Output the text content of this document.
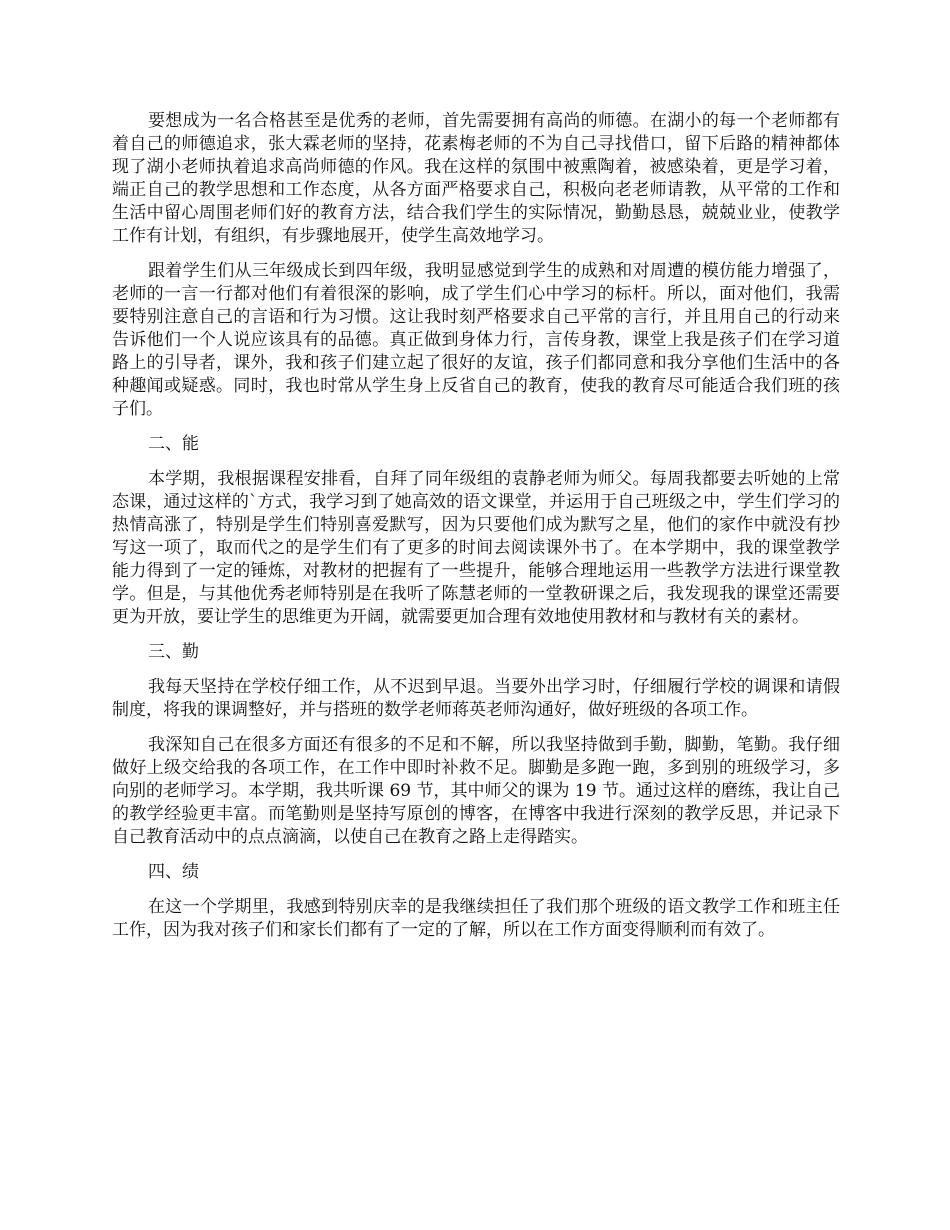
要想成为一名合格甚至是优秀的老师，首先需要拥有高尚的师德。在湖小的每一个老师都有着自己的师德追求，张大霖老师的坚持，花素梅老师的不为自己寻找借口，留下后路的精神都体现了湖小老师执着追求高尚师德的作风。我在这样的氛围中被熏陶着，被感染着，更是学习着，端正自己的教学思想和工作态度，从各方面严格要求自己，积极向老老师请教，从平常的工作和生活中留心周围老师们好的教育方法，结合我们学生的实际情况，勤勤恳恳，兢兢业业，使教学工作有计划，有组织，有步骤地展开，使学生高效地学习。

跟着学生们从三年级成长到四年级，我明显感觉到学生的成熟和对周遭的模仿能力增强了，老师的一言一行都对他们有着很深的影响，成了学生们心中学习的标杆。所以，面对他们，我需要特别注意自己的言语和行为习惯。这让我时刻严格要求自己平常的言行，并且用自己的行动来告诉他们一个人说应该具有的品德。真正做到身体力行，言传身教，课堂上我是孩子们在学习道路上的引导者，课外，我和孩子们建立起了很好的友谊，孩子们都同意和我分享他们生活中的各种趣闻或疑惑。同时，我也时常从学生身上反省自己的教育，使我的教育尽可能适合我们班的孩子们。

二、能

本学期，我根据课程安排看，自拜了同年级组的袁静老师为师父。每周我都要去听她的上常态课，通过这样的`方式，我学习到了她高效的语文课堂，并运用于自己班级之中，学生们学习的热情高涨了，特别是学生们特别喜爱默写，因为只要他们成为默写之星，他们的家作中就没有抄写这一项了，取而代之的是学生们有了更多的时间去阅读课外书了。在本学期中，我的课堂教学能力得到了一定的锤炼，对教材的把握有了一些提升，能够合理地运用一些教学方法进行课堂教学。但是，与其他优秀老师特别是在我听了陈慧老师的一堂教研课之后，我发现我的课堂还需要更为开放，要让学生的思维更为开阔，就需要更加合理有效地使用教材和与教材有关的素材。

三、勤

我每天坚持在学校仔细工作，从不迟到早退。当要外出学习时，仔细履行学校的调课和请假制度，将我的课调整好，并与搭班的数学老师蒋英老师沟通好，做好班级的各项工作。

我深知自己在很多方面还有很多的不足和不解，所以我坚持做到手勤，脚勤，笔勤。我仔细做好上级交给我的各项工作，在工作中即时补救不足。脚勤是多跑一跑，多到别的班级学习，多向别的老师学习。本学期，我共听课 69 节，其中师父的课为 19 节。通过这样的磨练，我让自己的教学经验更丰富。而笔勤则是坚持写原创的博客，在博客中我进行深刻的教学反思，并记录下自己教育活动中的点点滴滴，以使自己在教育之路上走得踏实。

四、绩

在这一个学期里，我感到特别庆幸的是我继续担任了我们那个班级的语文教学工作和班主任工作，因为我对孩子们和家长们都有了一定的了解，所以在工作方面变得顺利而有效了。
